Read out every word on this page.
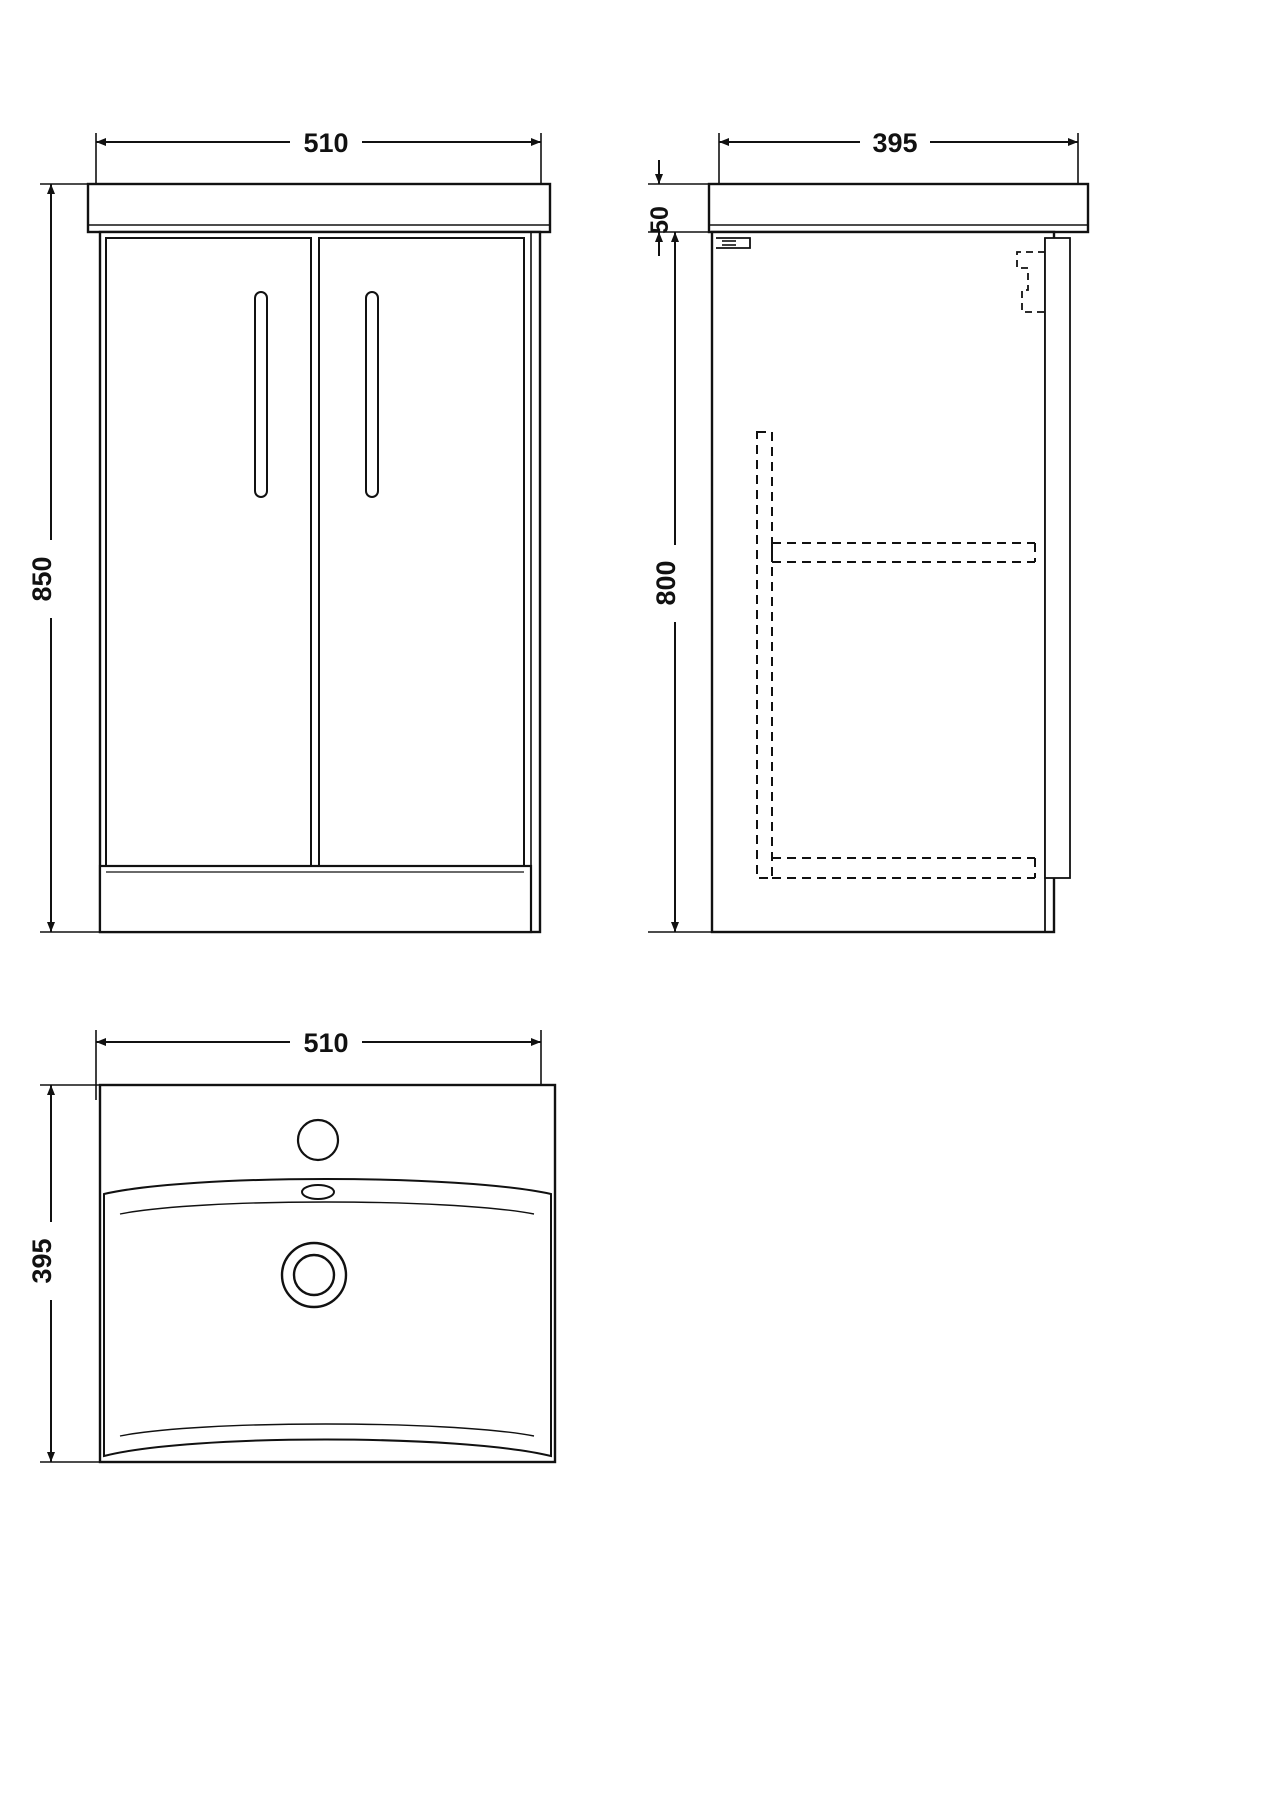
510
850
395
50
800
510
395
